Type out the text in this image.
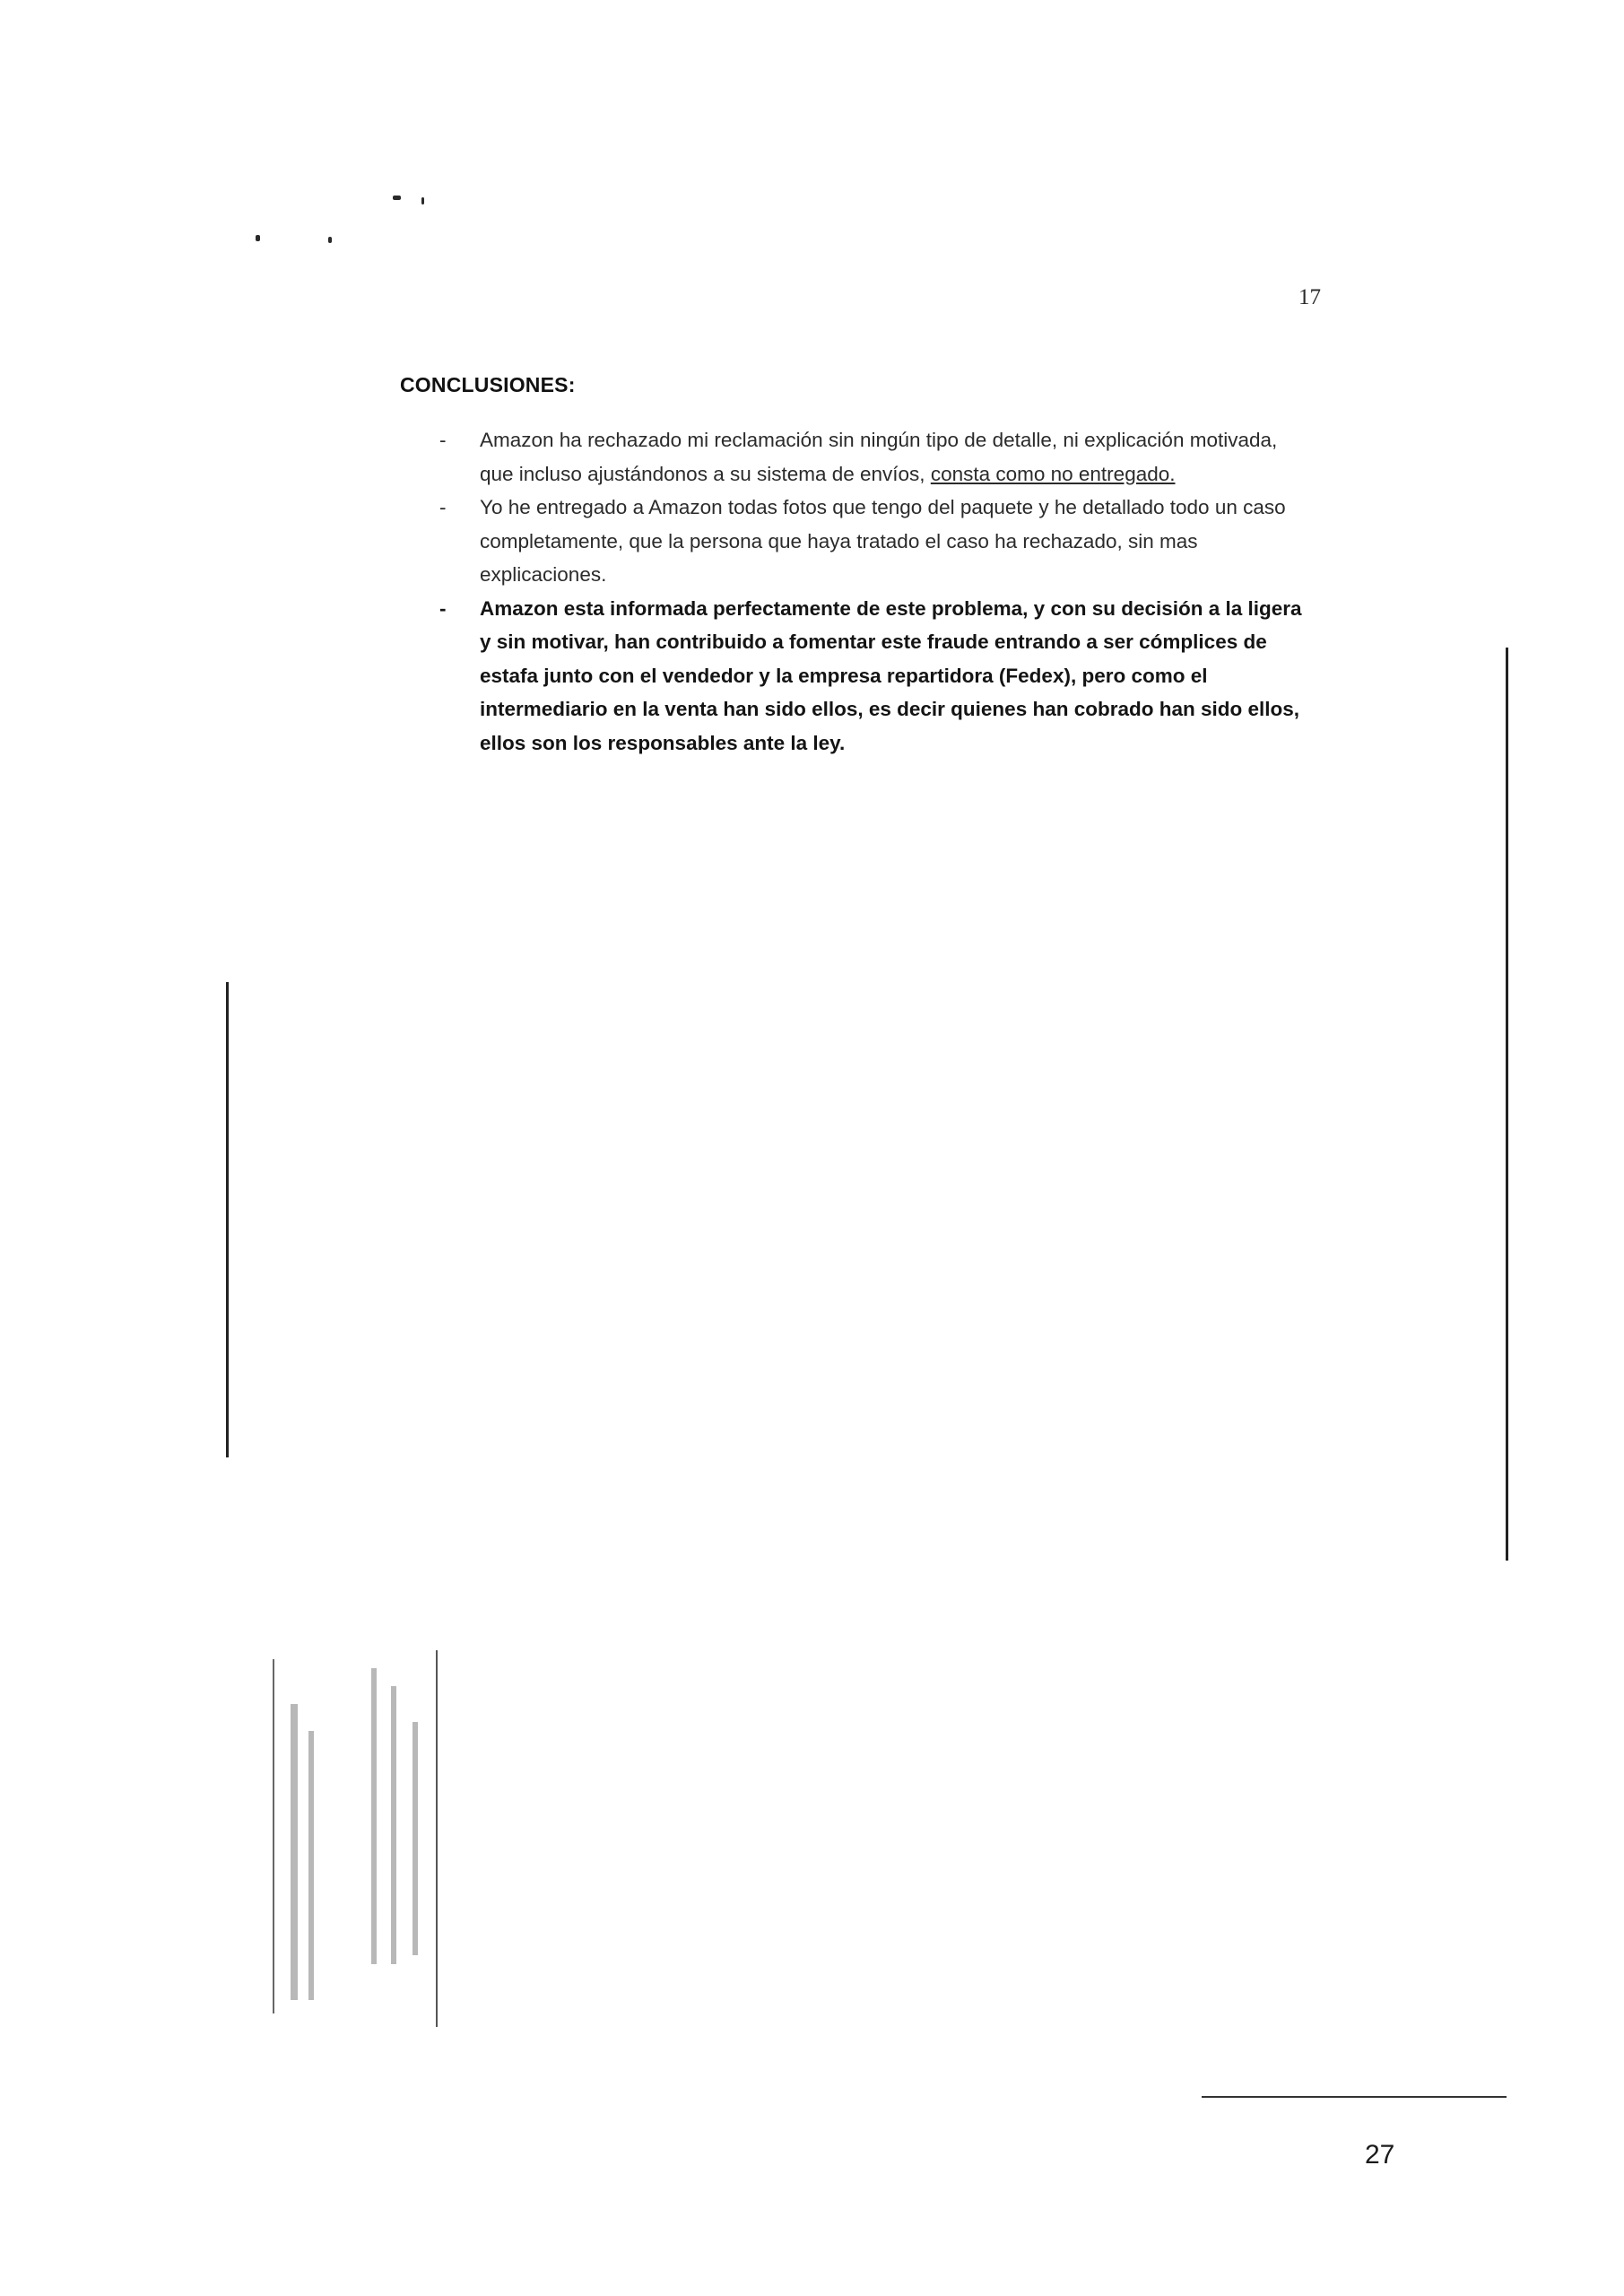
17
CONCLUSIONES:
- Amazon ha rechazado mi reclamación sin ningún tipo de detalle, ni explicación motivada, que incluso ajustándonos a su sistema de envíos, consta como no entregado.
- Yo he entregado a Amazon todas fotos que tengo del paquete y he detallado todo un caso completamente, que la persona que haya tratado el caso ha rechazado, sin mas explicaciones.
- Amazon esta informada perfectamente de este problema, y con su decisión a la ligera y sin motivar, han contribuido a fomentar este fraude entrando a ser cómplices de estafa junto con el vendedor y la empresa repartidora (Fedex), pero como el intermediario en la venta han sido ellos, es decir quienes han cobrado han sido ellos, ellos son los responsables ante la ley.
27
